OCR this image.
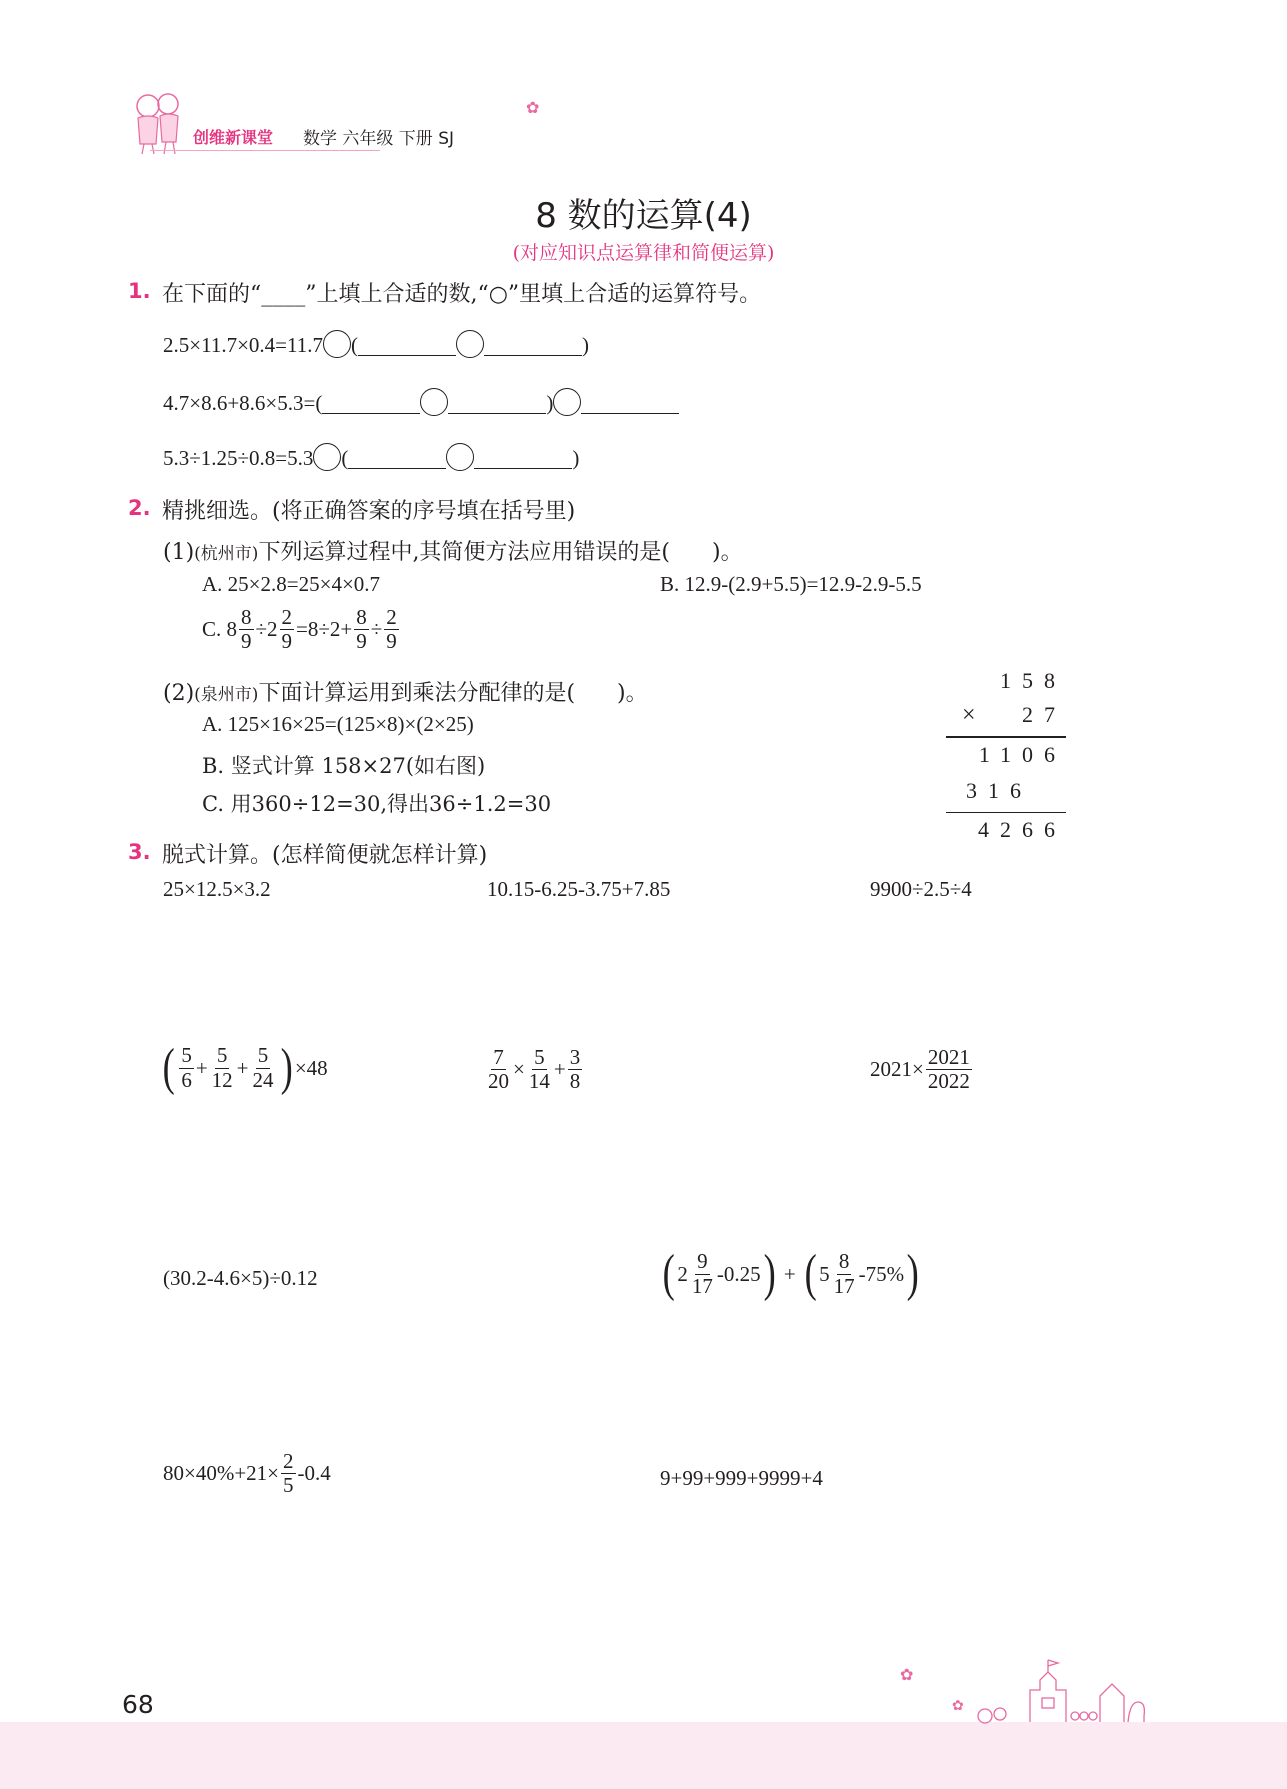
创维新课堂 数学 六年级 下册 SJ
✿
8 数的运算(4)
(对应知识点运算律和简便运算)
1. 在下面的“____”上填上合适的数,“○”里填上合适的运算符号。
2.5×11.7×0.4=11.7 (	)
4.7×8.6+8.6×5.3=(	)
5.3÷1.25÷0.8=5.3 (	)
2. 精挑细选。(将正确答案的序号填在括号里)
(1)(杭州市)下列运算过程中,其简便方法应用错误的是( )。
A. 25×2.8=25×4×0.7	B. 12.9-(2.9+5.5)=12.9-2.9-5.5
C. $8 \frac{8}{9} \div 2 \frac{2}{9} =8\div 2+ \frac{8}{9} \div \frac{2}{9}$
(2)(泉州市)下面计算运用到乘法分配律的是( )。
A. 125×16×25=(125×8)×(2×25)
B. 竖式计算 158×27(如右图)
C. 用360÷12=30,得出36÷1.2=30
158
×	27
1106
316
4266
3. 脱式计算。(怎样简便就怎样计算)
25×12.5×3.2	10.15-6.25-3.75+7.85	9900÷2.5÷4
( $\frac{5}{6} + \frac{5}{12} + \frac{5}{24}$ ) ×48	$\frac{7}{20} \times \frac{5}{14} + \frac{3}{8}$	$2021\times \frac{2021}{2022}$
(30.2-4.6×5)÷0.12	( $2 \frac{9}{17} -0.25$ ) + ( $5 \frac{8}{17} -75\%$ )
$80\times 40\%+21\times \frac{2}{5} -0.4$	9+99+999+9999+4
68
✿
✿
